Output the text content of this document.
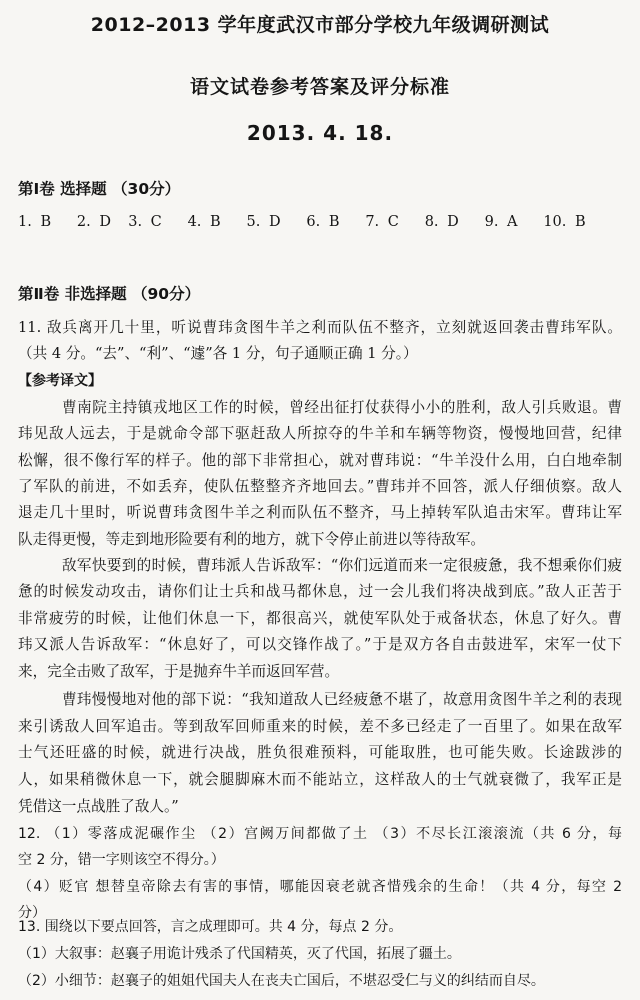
2012–2013 学年度武汉市部分学校九年级调研测试
语文试卷参考答案及评分标准
2013. 4. 18.
第Ⅰ卷 选择题 （30分）
1. B   2. D  3. C   4. B   5. D   6. B   7. C   8. D   9. A   10. B
第Ⅱ卷 非选择题 （90分）
11. 敌兵离开几十里，听说曹玮贪图牛羊之利而队伍不整齐，立刻就返回袭击曹玮军队。
（共 4 分。“去”、“利”、“遽”各 1 分，句子通顺正确 1 分。）
【参考译文】
曹南院主持镇戎地区工作的时候，曾经出征打仗获得小小的胜利，敌人引兵败退。曹
玮见敌人远去，于是就命令部下驱赶敌人所掠夺的牛羊和车辆等物资，慢慢地回营，纪律
松懈，很不像行军的样子。他的部下非常担心，就对曹玮说：“牛羊没什么用，白白地牵制
了军队的前进，不如丢弃，使队伍整整齐齐地回去。”曹玮并不回答，派人仔细侦察。敌人
退走几十里时，听说曹玮贪图牛羊之利而队伍不整齐，马上掉转军队追击宋军。曹玮让军
队走得更慢，等走到地形险要有利的地方，就下令停止前进以等待敌军。
敌军快要到的时候，曹玮派人告诉敌军：“你们远道而来一定很疲惫，我不想乘你们疲
惫的时候发动攻击，请你们让士兵和战马都休息，过一会儿我们将决战到底。”敌人正苦于
非常疲劳的时候，让他们休息一下，都很高兴，就使军队处于戒备状态，休息了好久。曹
玮又派人告诉敌军：“休息好了，可以交锋作战了。”于是双方各自击鼓进军，宋军一仗下
来，完全击败了敌军，于是抛弃牛羊而返回军营。
曹玮慢慢地对他的部下说：“我知道敌人已经疲惫不堪了，故意用贪图牛羊之利的表现
来引诱敌人回军追击。等到敌军回师重来的时候，差不多已经走了一百里了。如果在敌军
士气还旺盛的时候，就进行决战，胜负很难预料，可能取胜，也可能失败。长途跋涉的
人，如果稍微休息一下，就会腿脚麻木而不能站立，这样敌人的士气就衰微了，我军正是
凭借这一点战胜了敌人。”
12. （1）零落成泥碾作尘 （2）宫阙万间都做了土 （3）不尽长江滚滚流（共 6 分，每
空 2 分，错一字则该空不得分。）
（4）贬官 想替皇帝除去有害的事情，哪能因衰老就吝惜残余的生命！（共 4 分，每空 2
分）
13. 围绕以下要点回答，言之成理即可。共 4 分，每点 2 分。
（1）大叙事：赵襄子用诡计残杀了代国精英，灭了代国，拓展了疆土。
（2）小细节：赵襄子的姐姐代国夫人在丧夫亡国后，不堪忍受仁与义的纠结而自尽。
